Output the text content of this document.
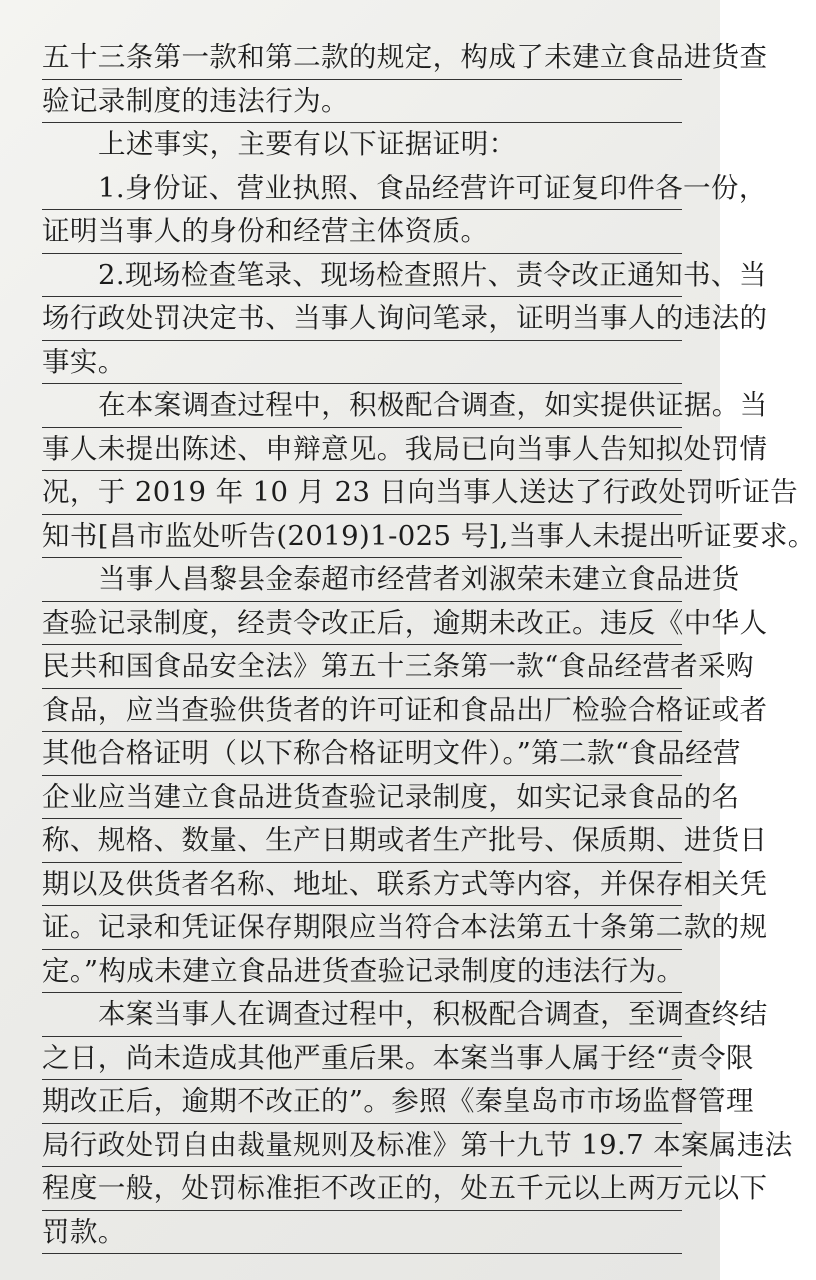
五十三条第一款和第二款的规定，构成了未建立食品进货查
验记录制度的违法行为。
上述事实，主要有以下证据证明：
1.身份证、营业执照、食品经营许可证复印件各一份，
证明当事人的身份和经营主体资质。
2.现场检查笔录、现场检查照片、责令改正通知书、当
场行政处罚决定书、当事人询问笔录，证明当事人的违法的
事实。
在本案调查过程中，积极配合调查，如实提供证据。当
事人未提出陈述、申辩意见。我局已向当事人告知拟处罚情
况，于 2019 年 10 月 23 日向当事人送达了行政处罚听证告
知书[昌市监处听告(2019)1-025 号],当事人未提出听证要求。
当事人昌黎县金泰超市经营者刘淑荣未建立食品进货
查验记录制度，经责令改正后，逾期未改正。违反《中华人
民共和国食品安全法》第五十三条第一款“食品经营者采购
食品，应当查验供货者的许可证和食品出厂检验合格证或者
其他合格证明（以下称合格证明文件）。”第二款“食品经营
企业应当建立食品进货查验记录制度，如实记录食品的名
称、规格、数量、生产日期或者生产批号、保质期、进货日
期以及供货者名称、地址、联系方式等内容，并保存相关凭
证。记录和凭证保存期限应当符合本法第五十条第二款的规
定。”构成未建立食品进货查验记录制度的违法行为。
本案当事人在调查过程中，积极配合调查，至调查终结
之日，尚未造成其他严重后果。本案当事人属于经“责令限
期改正后，逾期不改正的”。参照《秦皇岛市市场监督管理
局行政处罚自由裁量规则及标准》第十九节 19.7 本案属违法
程度一般，处罚标准拒不改正的，处五千元以上两万元以下
罚款。
